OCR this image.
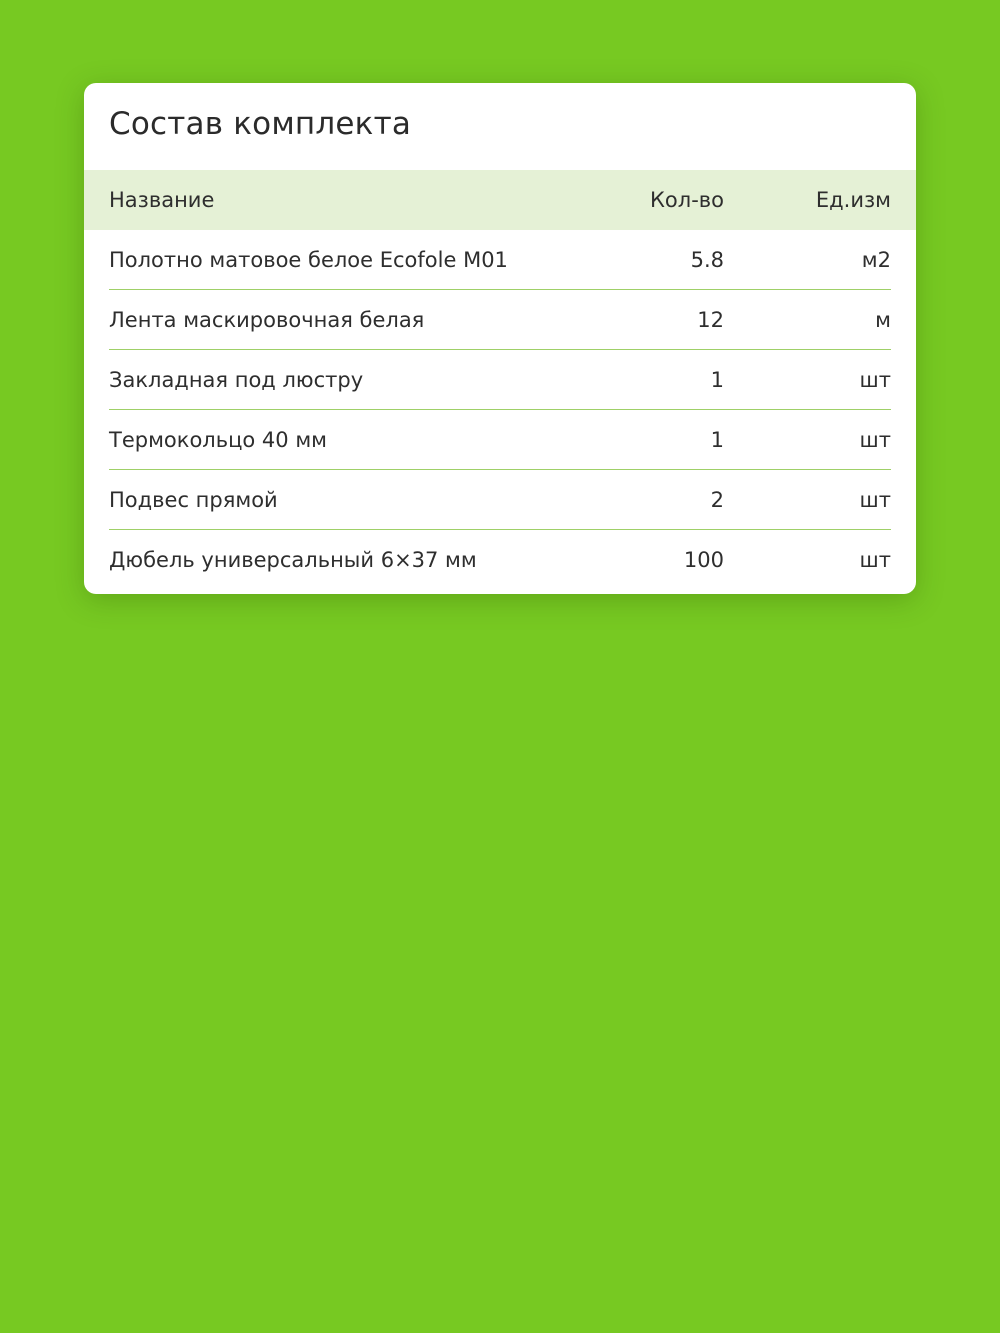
Состав комплекта
Название	Кол-во	Ед.изм
Полотно матовое белое Ecofole M01	5.8	м2
Лента маскировочная белая	12	м
Закладная под люстру	1	шт
Термокольцо 40 мм	1	шт
Подвес прямой	2	шт
Дюбель универсальный 6×37 мм	100	шт
